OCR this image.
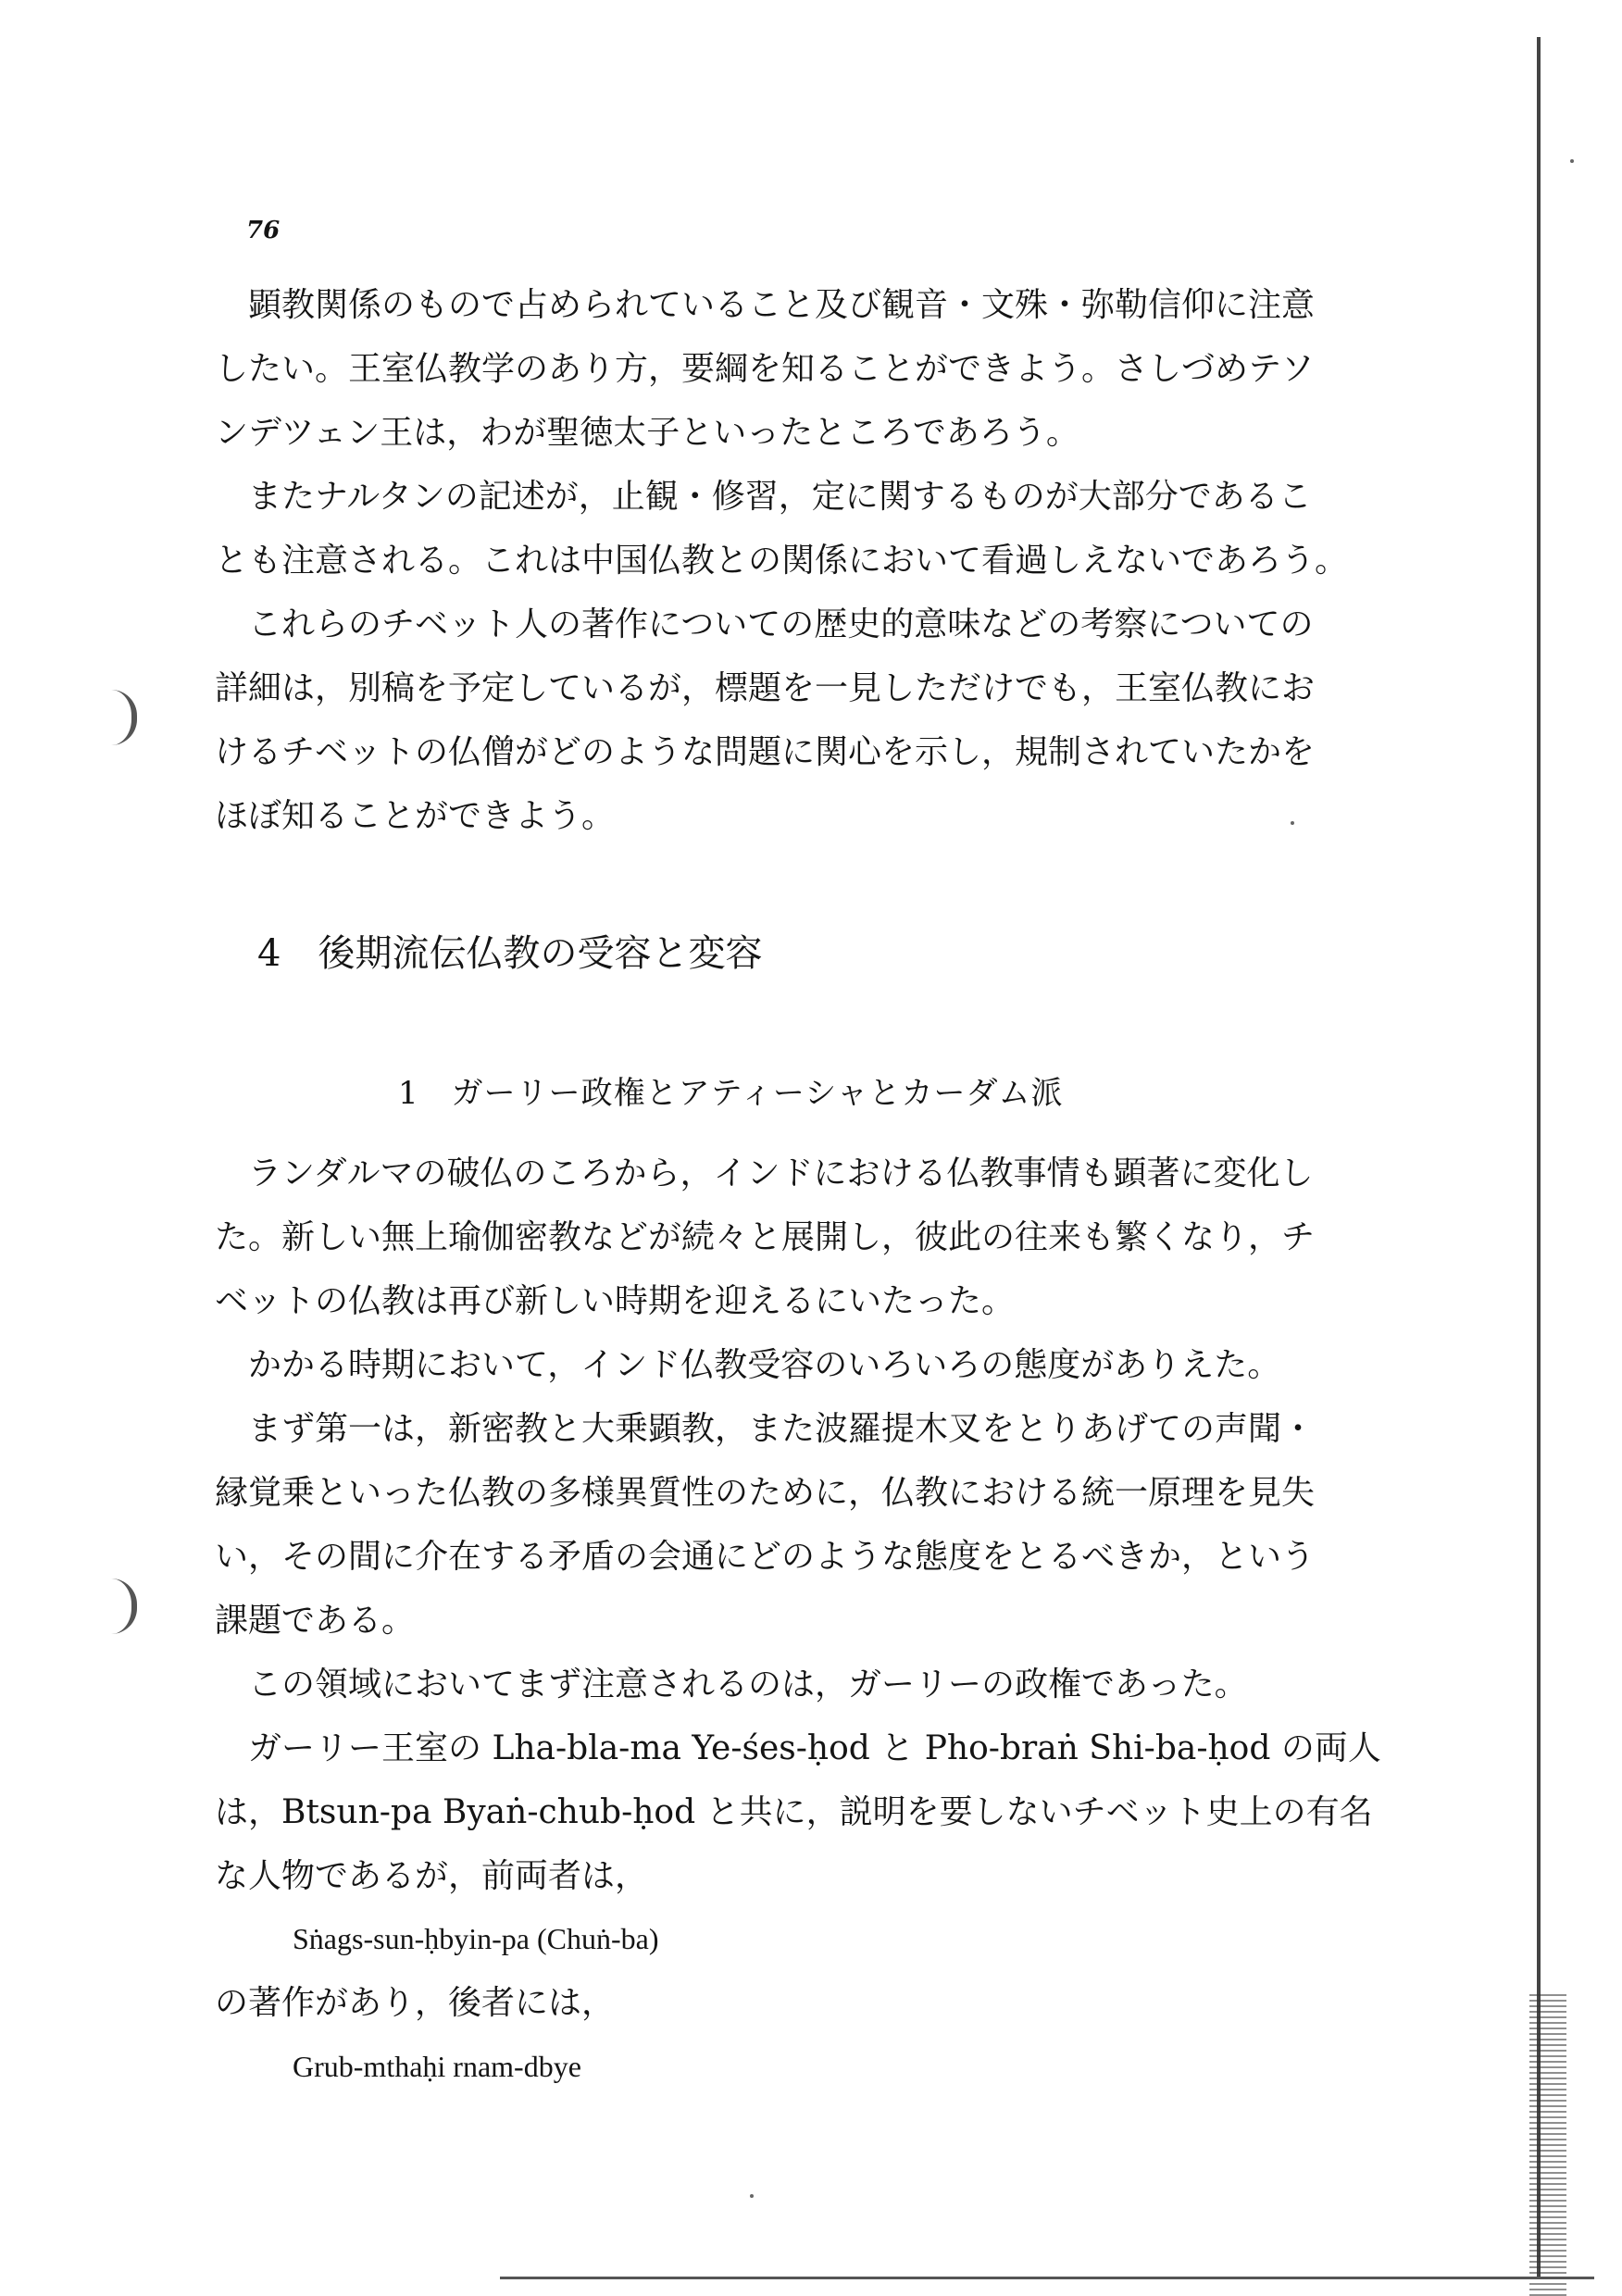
76
顕教関係のもので占められていること及び観音・文殊・弥勒信仰に注意
したい。王室仏教学のあり方，要綱を知ることができよう。さしづめテソ
ンデツェン王は，わが聖徳太子といったところであろう。
　またナルタンの記述が，止観・修習，定に関するものが大部分であるこ
とも注意される。これは中国仏教との関係において看過しえないであろう。
　これらのチベット人の著作についての歴史的意味などの考察についての
詳細は，別稿を予定しているが，標題を一見しただけでも，王室仏教にお
けるチベットの仏僧がどのような問題に関心を示し，規制されていたかを
ほぼ知ることができよう。
4　後期流伝仏教の受容と変容
1　ガーリー政権とアティーシャとカーダム派
　ランダルマの破仏のころから，インドにおける仏教事情も顕著に変化し
た。新しい無上瑜伽密教などが続々と展開し，彼此の往来も繁くなり，チ
ベットの仏教は再び新しい時期を迎えるにいたった。
　かかる時期において，インド仏教受容のいろいろの態度がありえた。
　まず第一は，新密教と大乗顕教，また波羅提木叉をとりあげての声聞・
縁覚乗といった仏教の多様異質性のために，仏教における統一原理を見失
い，その間に介在する矛盾の会通にどのような態度をとるべきか，という
課題である。
　この領域においてまず注意されるのは，ガーリーの政権であった。
　ガーリー王室の Lha-bla-ma Ye-śes-ḥod と Pho-braṅ Shi-ba-ḥod の両人
は，Btsun-pa Byaṅ-chub-ḥod と共に，説明を要しないチベット史上の有名
な人物であるが，前両者は，
Sṅags-sun-ḥbyin-pa (Chuṅ-ba)
の著作があり，後者には，
Grub-mthaḥi rnam-dbye
